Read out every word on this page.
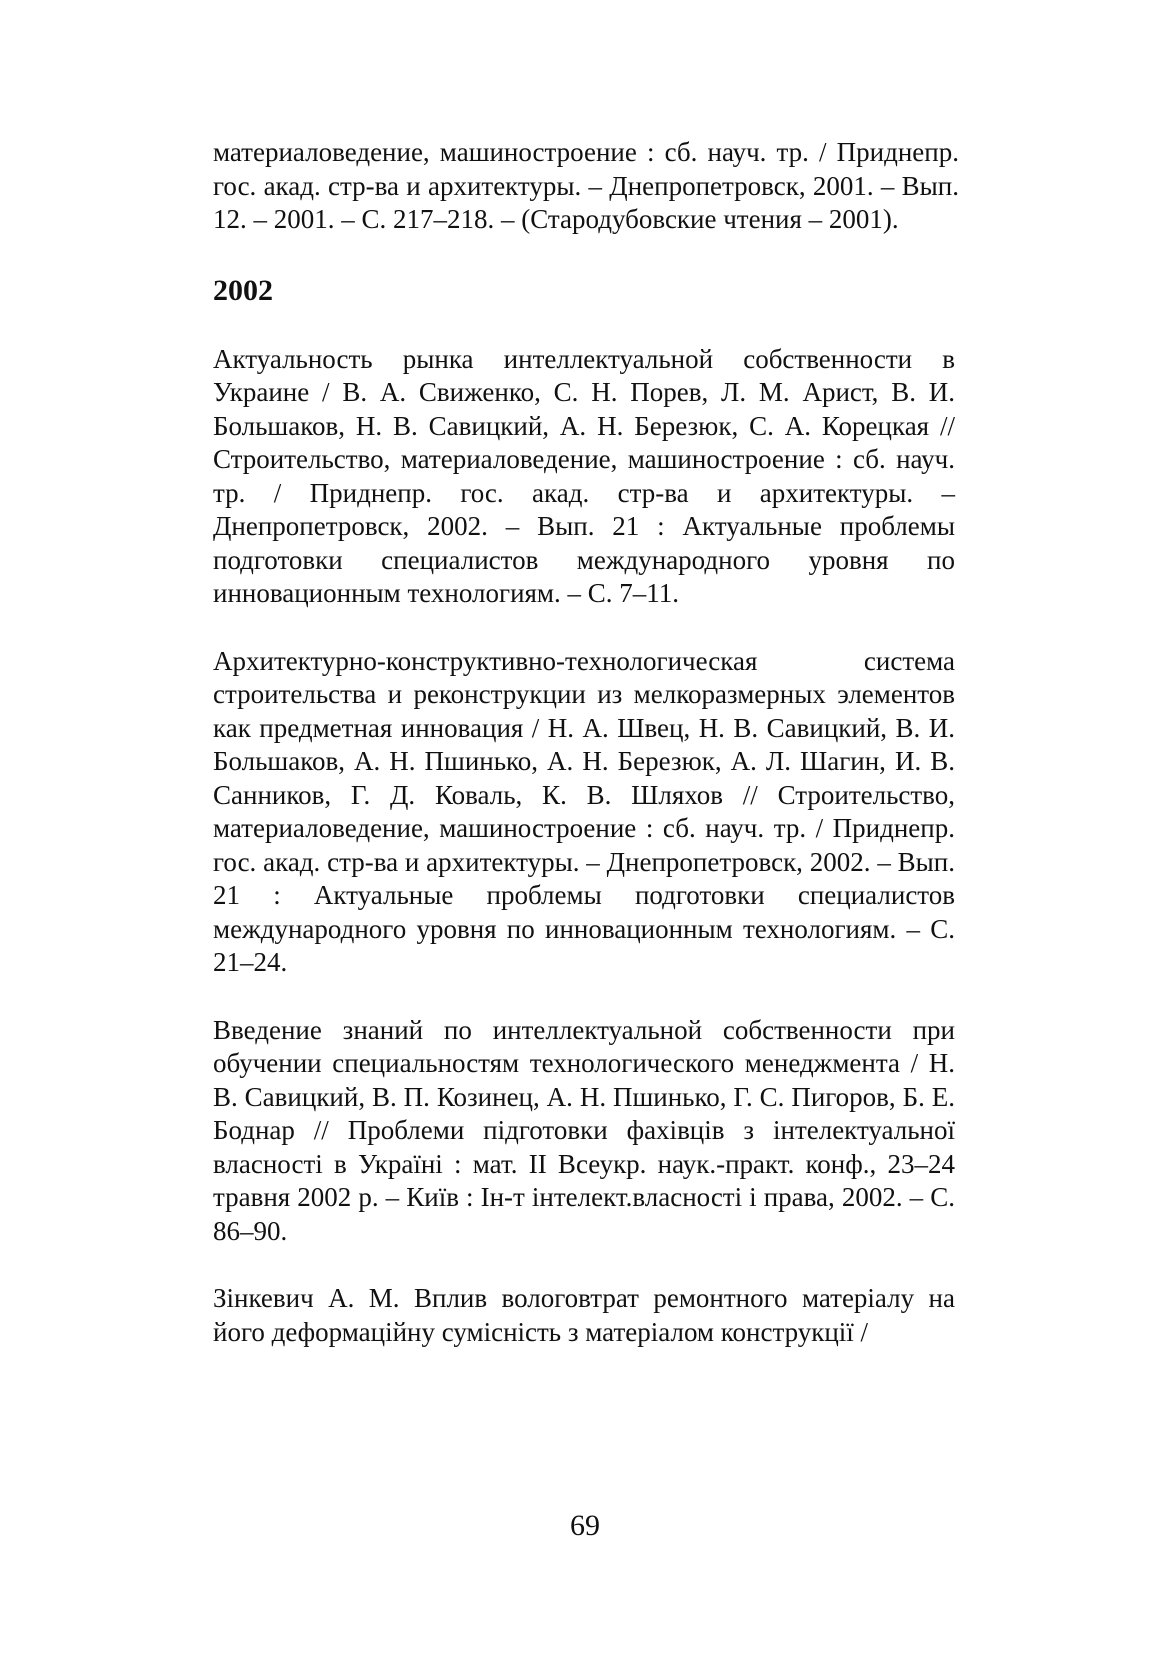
материаловедение, машиностроение : сб. науч. тр. / Приднепр. гос. акад. стр-ва и архитектуры. – Днепропетровск, 2001. – Вып. 12. – 2001. – С. 217–218. – (Стародубовские чтения – 2001).

2002

Актуальность рынка интеллектуальной собственности в Украине / В. А. Свиженко, С. Н. Порев, Л. М. Арист, В. И. Большаков, Н. В. Савицкий, А. Н. Березюк, С. А. Корецкая // Строительство, материаловедение, машиностроение : сб. науч. тр. / Приднепр. гос. акад. стр-ва и архитектуры. – Днепропетровск, 2002. – Вып. 21 : Актуальные проблемы подготовки специалистов международного уровня по инновационным технологиям. – С. 7–11.

Архитектурно-конструктивно-технологическая система строительства и реконструкции из мелкоразмерных элементов как предметная инновация / Н. А. Швец, Н. В. Савицкий, В. И. Большаков, А. Н. Пшинько, А. Н. Березюк, А. Л. Шагин, И. В. Санников, Г. Д. Коваль, К. В. Шляхов // Строительство, материаловедение, машиностроение : сб. науч. тр. / Приднепр. гос. акад. стр-ва и архитектуры. – Днепропетровск, 2002. – Вып. 21 : Актуальные проблемы подготовки специалистов международного уровня по инновационным технологиям. – С. 21–24.

Введение знаний по интеллектуальной собственности при обучении специальностям технологического менеджмента / Н. В. Савицкий, В. П. Козинец, А. Н. Пшинько, Г. С. Пигоров, Б. Е. Боднар // Проблеми підготовки фахівців з інтелектуальної власності в Україні : мат. ІІ Всеукр. наук.-практ. конф., 23–24 травня 2002 р. – Київ : Ін-т інтелект.власності і права, 2002. – С. 86–90.

Зінкевич А. М. Вплив вологовтрат ремонтного матеріалу на його деформаційну сумісність з матеріалом конструкції /

69
